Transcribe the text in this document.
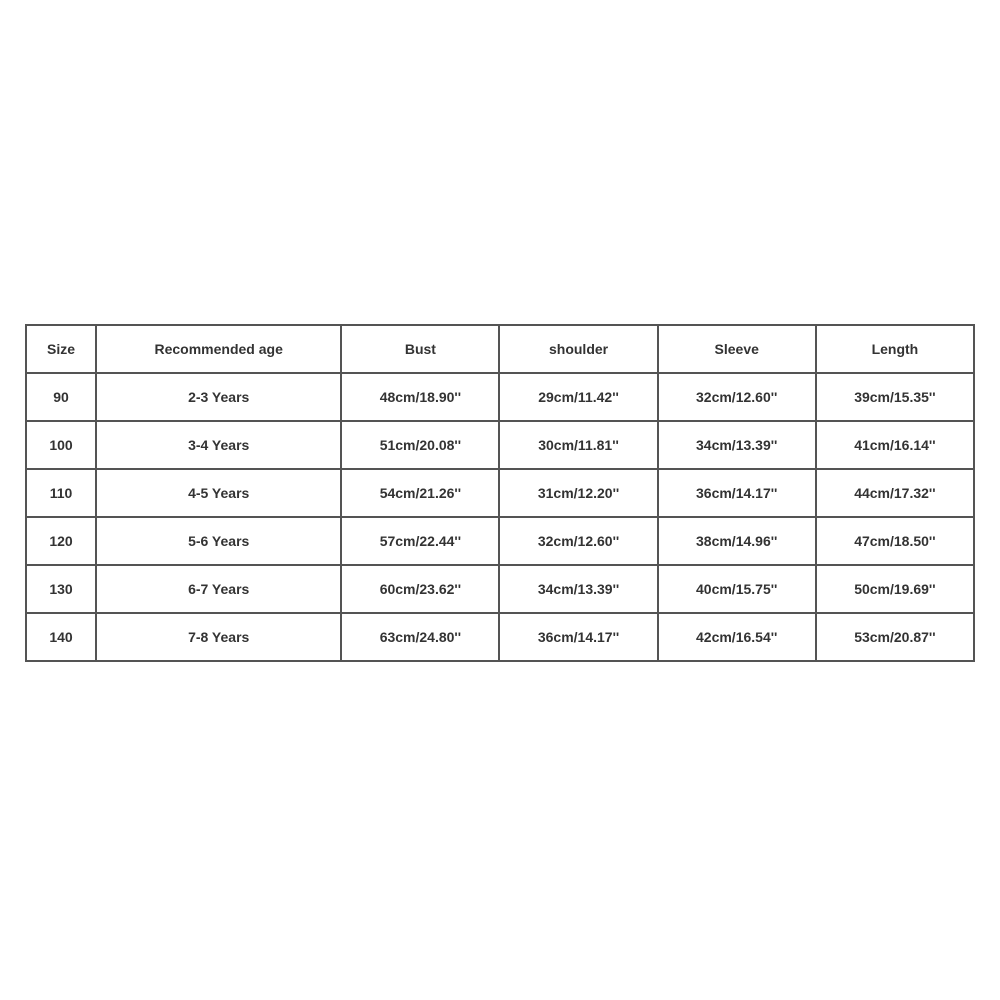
Size	Recommended age	Bust	shoulder	Sleeve	Length
90	2-3 Years	48cm/18.90''	29cm/11.42''	32cm/12.60''	39cm/15.35''
100	3-4 Years	51cm/20.08''	30cm/11.81''	34cm/13.39''	41cm/16.14''
110	4-5 Years	54cm/21.26''	31cm/12.20''	36cm/14.17''	44cm/17.32''
120	5-6 Years	57cm/22.44''	32cm/12.60''	38cm/14.96''	47cm/18.50''
130	6-7 Years	60cm/23.62''	34cm/13.39''	40cm/15.75''	50cm/19.69''
140	7-8 Years	63cm/24.80''	36cm/14.17''	42cm/16.54''	53cm/20.87''
